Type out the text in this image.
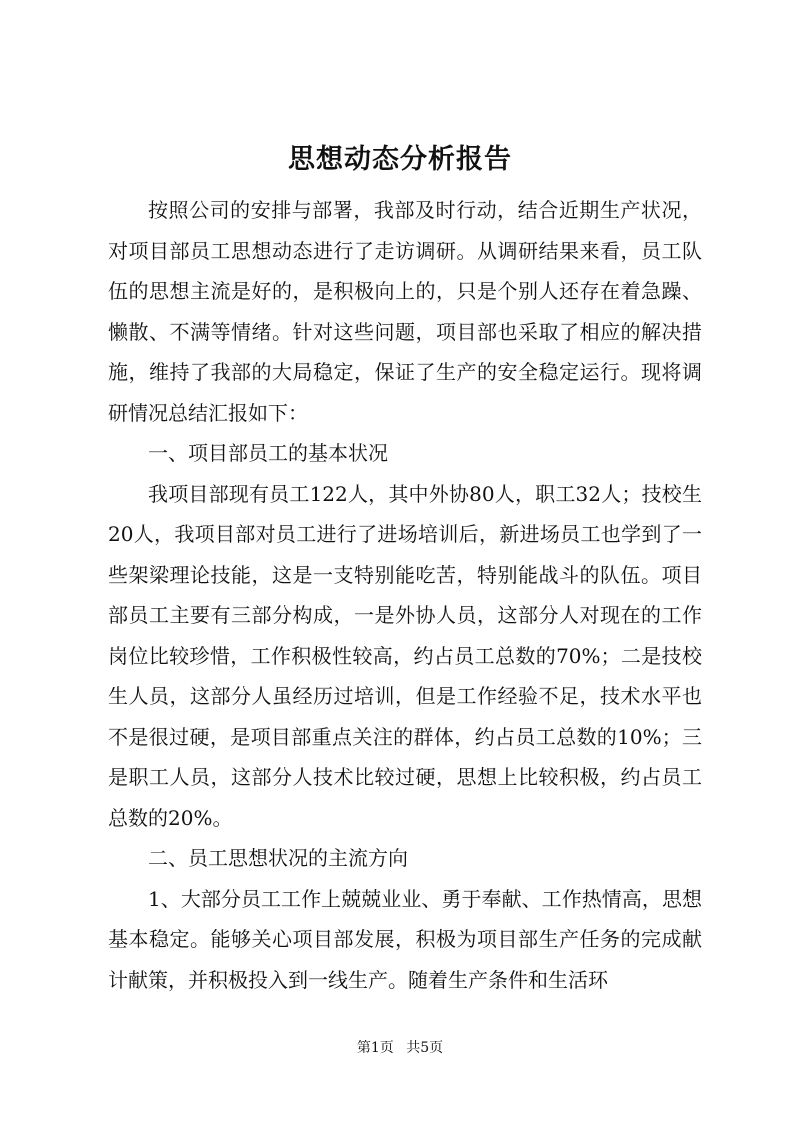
思想动态分析报告

按照公司的安排与部署，我部及时行动，结合近期生产状况，对项目部员工思想动态进行了走访调研。从调研结果来看，员工队伍的思想主流是好的，是积极向上的，只是个别人还存在着急躁、懒散、不满等情绪。针对这些问题，项目部也采取了相应的解决措施，维持了我部的大局稳定，保证了生产的安全稳定运行。现将调研情况总结汇报如下：

一、项目部员工的基本状况

我项目部现有员工122人，其中外协80人，职工32人；技校生20人，我项目部对员工进行了进场培训后，新进场员工也学到了一些架梁理论技能，这是一支特别能吃苦，特别能战斗的队伍。项目部员工主要有三部分构成，一是外协人员，这部分人对现在的工作岗位比较珍惜，工作积极性较高，约占员工总数的70%；二是技校生人员，这部分人虽经历过培训，但是工作经验不足，技术水平也不是很过硬，是项目部重点关注的群体，约占员工总数的10%；三是职工人员，这部分人技术比较过硬，思想上比较积极，约占员工总数的20%。

二、员工思想状况的主流方向

1、大部分员工工作上兢兢业业、勇于奉献、工作热情高，思想基本稳定。能够关心项目部发展，积极为项目部生产任务的完成献计献策，并积极投入到一线生产。随着生产条件和生活环

第1页 共5页
